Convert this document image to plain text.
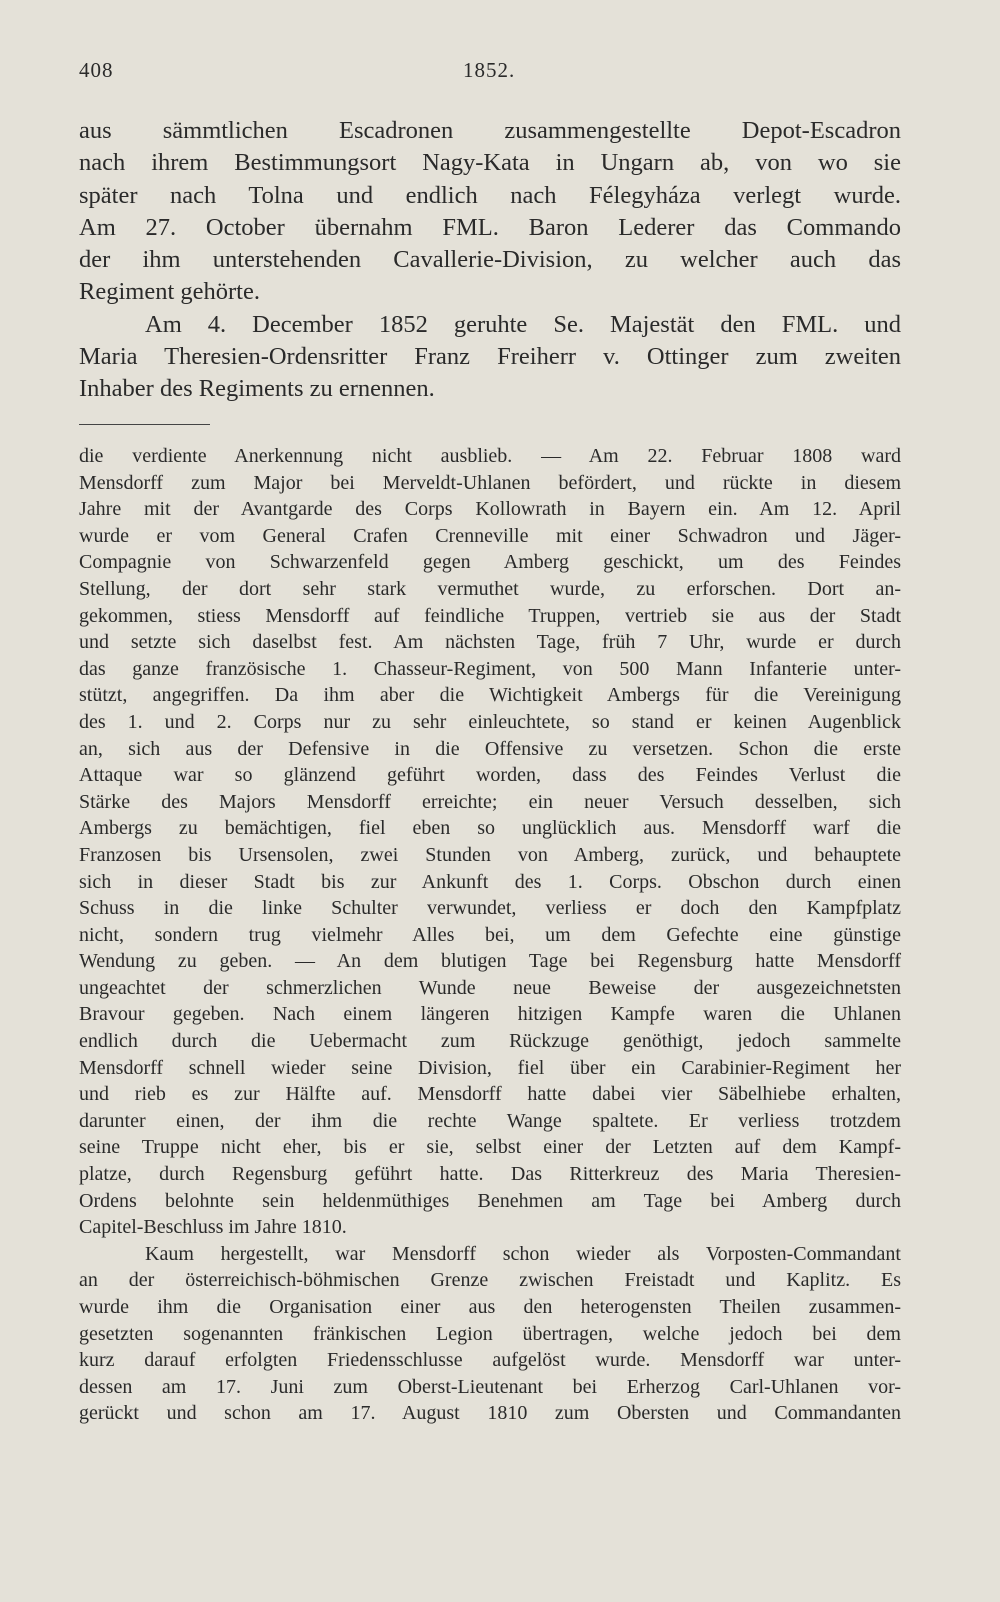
408	1852.
aus sämmtlichen Escadronen zusammengestellte Depot-Escadron
nach ihrem Bestimmungsort Nagy-Kata in Ungarn ab, von wo sie
später nach Tolna und endlich nach Félegyháza verlegt wurde.
Am 27. October übernahm FML. Baron Lederer das Commando
der ihm unterstehenden Cavallerie-Division, zu welcher auch das
Regiment gehörte.
Am 4. December 1852 geruhte Se. Majestät den FML. und
Maria Theresien-Ordensritter Franz Freiherr v. Ottinger zum zweiten
Inhaber des Regiments zu ernennen.
die verdiente Anerkennung nicht ausblieb. — Am 22. Februar 1808 ward
Mensdorff zum Major bei Merveldt-Uhlanen befördert, und rückte in diesem
Jahre mit der Avantgarde des Corps Kollowrath in Bayern ein. Am 12. April
wurde er vom General Crafen Crenneville mit einer Schwadron und Jäger-
Compagnie von Schwarzenfeld gegen Amberg geschickt, um des Feindes
Stellung, der dort sehr stark vermuthet wurde, zu erforschen. Dort an-
gekommen, stiess Mensdorff auf feindliche Truppen, vertrieb sie aus der Stadt
und setzte sich daselbst fest. Am nächsten Tage, früh 7 Uhr, wurde er durch
das ganze französische 1. Chasseur-Regiment, von 500 Mann Infanterie unter-
stützt, angegriffen. Da ihm aber die Wichtigkeit Ambergs für die Vereinigung
des 1. und 2. Corps nur zu sehr einleuchtete, so stand er keinen Augenblick
an, sich aus der Defensive in die Offensive zu versetzen. Schon die erste
Attaque war so glänzend geführt worden, dass des Feindes Verlust die
Stärke des Majors Mensdorff erreichte; ein neuer Versuch desselben, sich
Ambergs zu bemächtigen, fiel eben so unglücklich aus. Mensdorff warf die
Franzosen bis Ursensolen, zwei Stunden von Amberg, zurück, und behauptete
sich in dieser Stadt bis zur Ankunft des 1. Corps. Obschon durch einen
Schuss in die linke Schulter verwundet, verliess er doch den Kampfplatz
nicht, sondern trug vielmehr Alles bei, um dem Gefechte eine günstige
Wendung zu geben. — An dem blutigen Tage bei Regensburg hatte Mensdorff
ungeachtet der schmerzlichen Wunde neue Beweise der ausgezeichnetsten
Bravour gegeben. Nach einem längeren hitzigen Kampfe waren die Uhlanen
endlich durch die Uebermacht zum Rückzuge genöthigt, jedoch sammelte
Mensdorff schnell wieder seine Division, fiel über ein Carabinier-Regiment her
und rieb es zur Hälfte auf. Mensdorff hatte dabei vier Säbelhiebe erhalten,
darunter einen, der ihm die rechte Wange spaltete. Er verliess trotzdem
seine Truppe nicht eher, bis er sie, selbst einer der Letzten auf dem Kampf-
platze, durch Regensburg geführt hatte. Das Ritterkreuz des Maria Theresien-
Ordens belohnte sein heldenmüthiges Benehmen am Tage bei Amberg durch
Capitel-Beschluss im Jahre 1810.
Kaum hergestellt, war Mensdorff schon wieder als Vorposten-Commandant
an der österreichisch-böhmischen Grenze zwischen Freistadt und Kaplitz. Es
wurde ihm die Organisation einer aus den heterogensten Theilen zusammen-
gesetzten sogenannten fränkischen Legion übertragen, welche jedoch bei dem
kurz darauf erfolgten Friedensschlusse aufgelöst wurde. Mensdorff war unter-
dessen am 17. Juni zum Oberst-Lieutenant bei Erherzog Carl-Uhlanen vor-
gerückt und schon am 17. August 1810 zum Obersten und Commandanten
